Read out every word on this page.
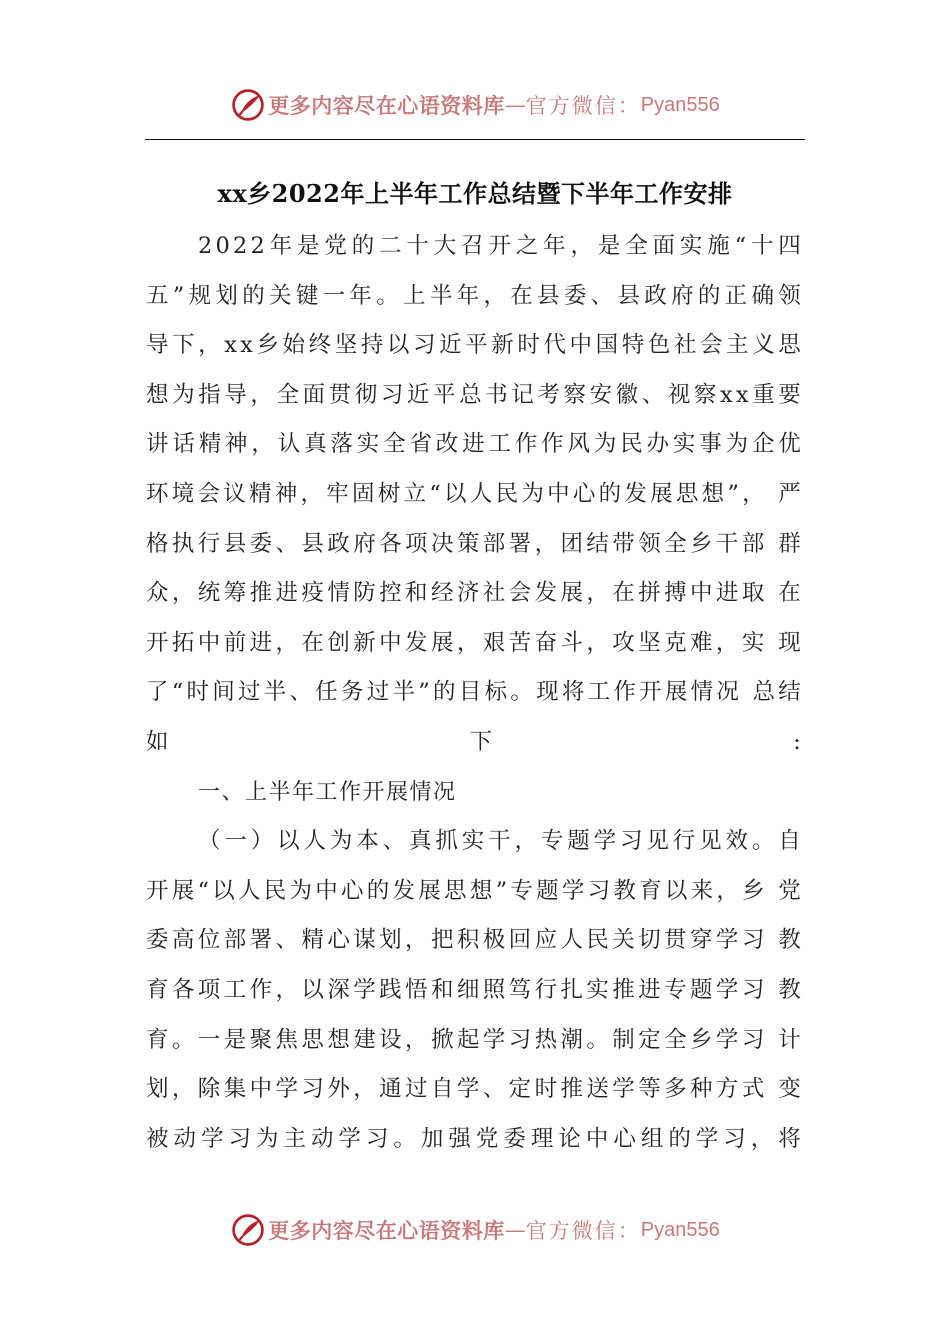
更多内容尽在心语资料库 — 官方微信： Pyan556
xx乡2022年上半年工作总结暨下半年工作安排

2022年是党的二十大召开之年，是全面实施“十四 五”规划的关键一年。上半年，在县委、县政府的正确领 导下，xx乡始终坚持以习近平新时代中国特色社会主义思 想为指导，全面贯彻习近平总书记考察安徽、视察xx重要 讲话精神，认真落实全省改进工作作风为民办实事为企优 环境会议精神，牢固树立“以人民为中心的发展思想”， 严格执行县委、县政府各项决策部署，团结带领全乡干部 群众，统筹推进疫情防控和经济社会发展，在拼搏中进取 在开拓中前进，在创新中发展，艰苦奋斗，攻坚克难，实 现了“时间过半、任务过半”的目标。现将工作开展情况 总结如下:

一、上半年工作开展情况

（一）以人为本、真抓实干，专题学习见行见效。自 开展“以人民为中心的发展思想”专题学习教育以来，乡 党委高位部署、精心谋划，把积极回应人民关切贯穿学习 教育各项工作，以深学践悟和细照笃行扎实推进专题学习 教育。一是聚焦思想建设，掀起学习热潮。制定全乡学习 计划，除集中学习外，通过自学、定时推送学等多种方式 变被动学习为主动学习。加强党委理论中心组的学习，将

更多内容尽在心语资料库 — 官方微信： Pyan556
